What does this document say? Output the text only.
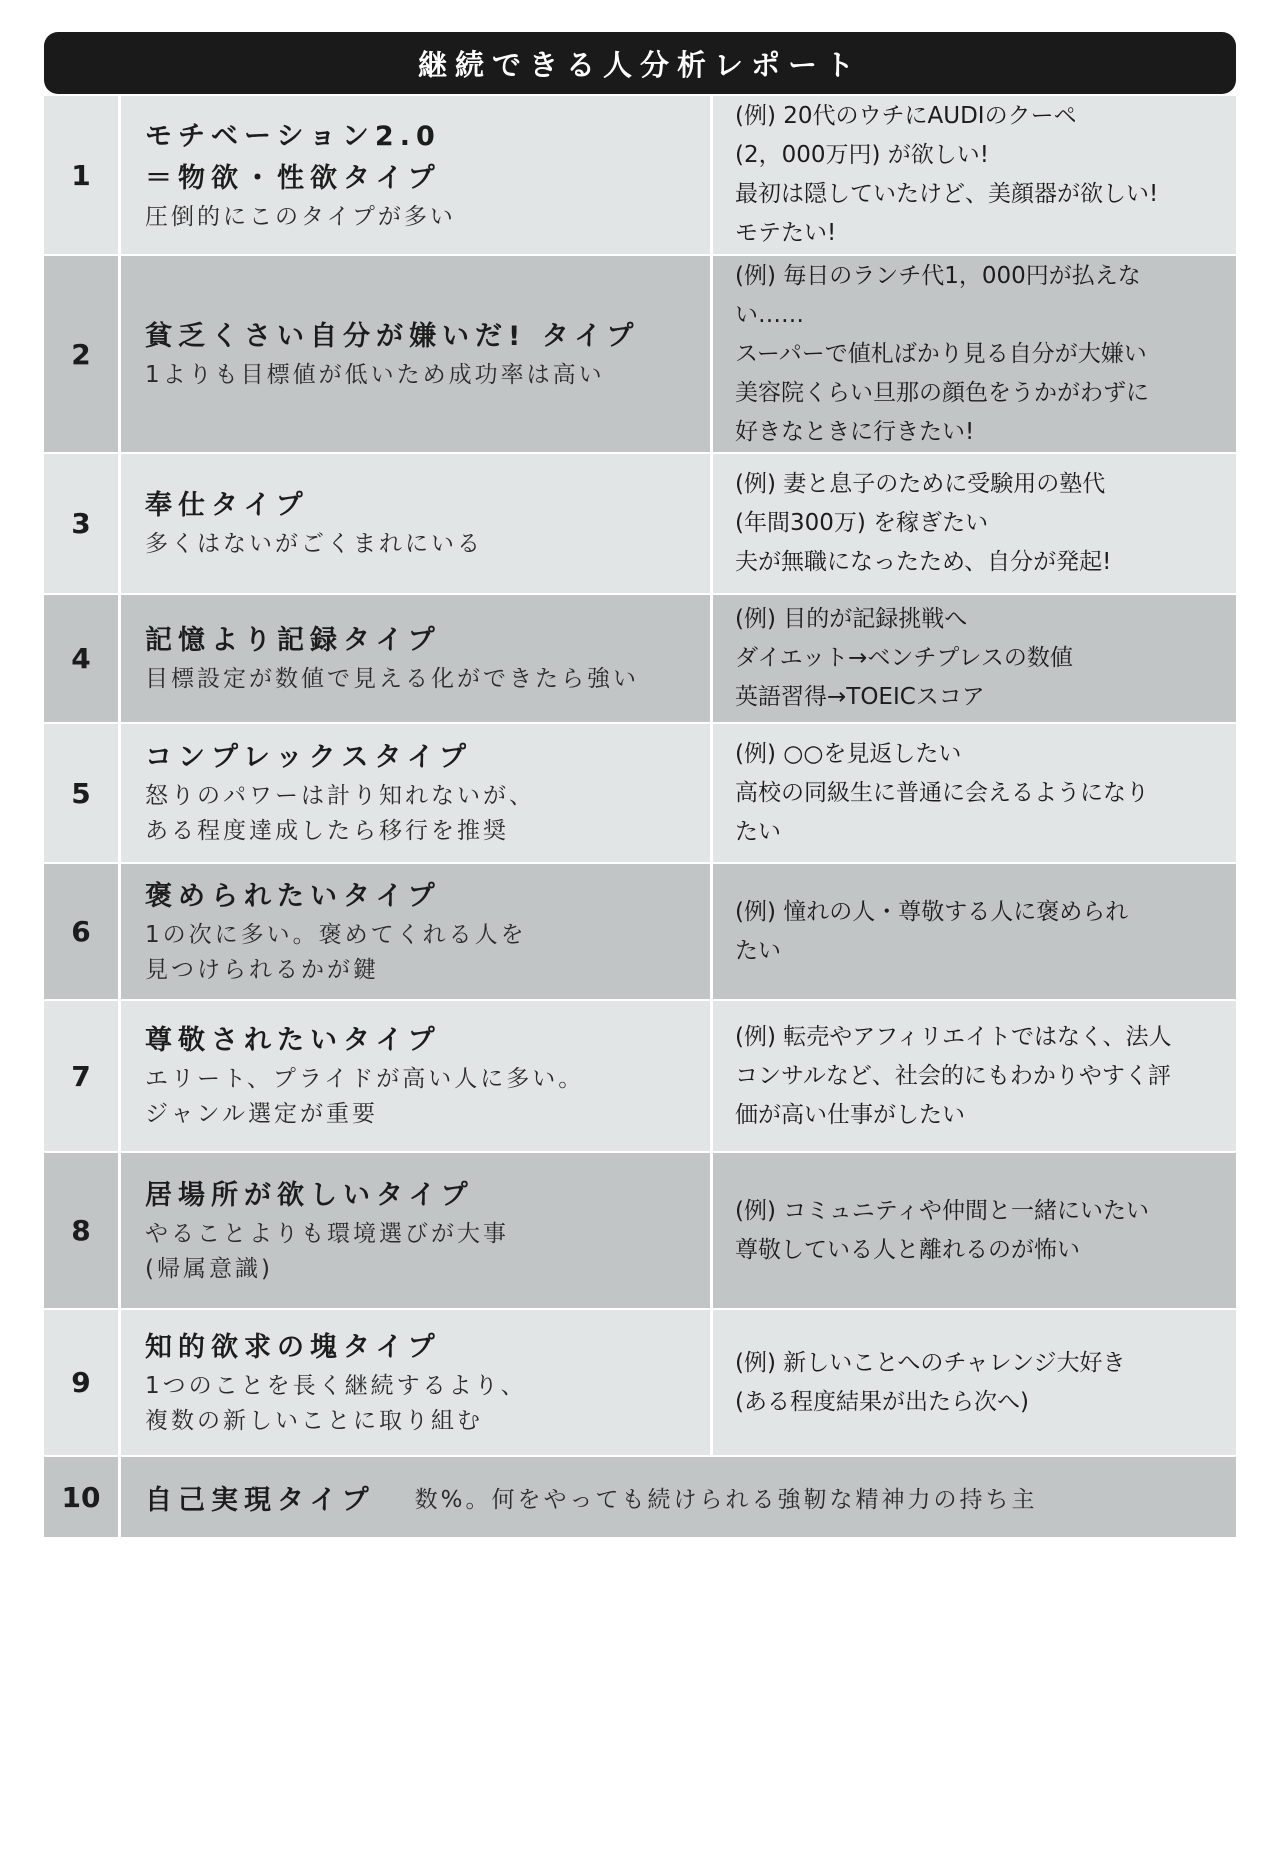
継続できる人分析レポート
1
モチベーション2.0
＝物欲・性欲タイプ
圧倒的にこのタイプが多い
(例) 20代のウチにAUDIのクーペ
(2，000万円) が欲しい!
最初は隠していたけど、美顔器が欲しい!
モテたい!
2
貧乏くさい自分が嫌いだ! タイプ
1よりも目標値が低いため成功率は高い
(例) 毎日のランチ代1，000円が払えな
い……
スーパーで値札ばかり見る自分が大嫌い
美容院くらい旦那の顔色をうかがわずに
好きなときに行きたい!
3
奉仕タイプ
多くはないがごくまれにいる
(例) 妻と息子のために受験用の塾代
(年間300万) を稼ぎたい
夫が無職になったため、自分が発起!
4
記憶より記録タイプ
目標設定が数値で見える化ができたら強い
(例) 目的が記録挑戦へ
ダイエット→ベンチプレスの数値
英語習得→TOEICスコア
5
コンプレックスタイプ
怒りのパワーは計り知れないが、
ある程度達成したら移行を推奨
(例) ○○を見返したい
高校の同級生に普通に会えるようになり
たい
6
褒められたいタイプ
1の次に多い。褒めてくれる人を
見つけられるかが鍵
(例) 憧れの人・尊敬する人に褒められ
たい
7
尊敬されたいタイプ
エリート、プライドが高い人に多い。
ジャンル選定が重要
(例) 転売やアフィリエイトではなく、法人
コンサルなど、社会的にもわかりやすく評
価が高い仕事がしたい
8
居場所が欲しいタイプ
やることよりも環境選びが大事
(帰属意識)
(例) コミュニティや仲間と一緒にいたい
尊敬している人と離れるのが怖い
9
知的欲求の塊タイプ
1つのことを長く継続するより、
複数の新しいことに取り組む
(例) 新しいことへのチャレンジ大好き
(ある程度結果が出たら次へ)
10	自己実現タイプ 数%。何をやっても続けられる強靭な精神力の持ち主
